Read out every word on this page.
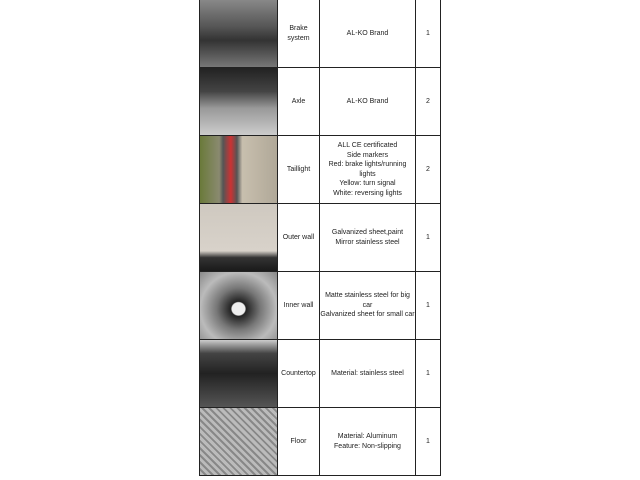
	Brake system	AL-KO Brand	1

	Axle	AL-KO Brand	2

	Taillight	ALL CE certificated
Side markers
Red: brake lights/running lights
Yellow: turn signal
White: reversing lights	2

	Outer wall	Galvanized sheet,paint
Mirror stainless steel	1

	Inner wall	Matte stainless steel for big car
Galvanized sheet for small car	1

	Countertop	Material: stainless steel	1

	Floor	Material: Aluminum
Feature: Non-slipping	1
